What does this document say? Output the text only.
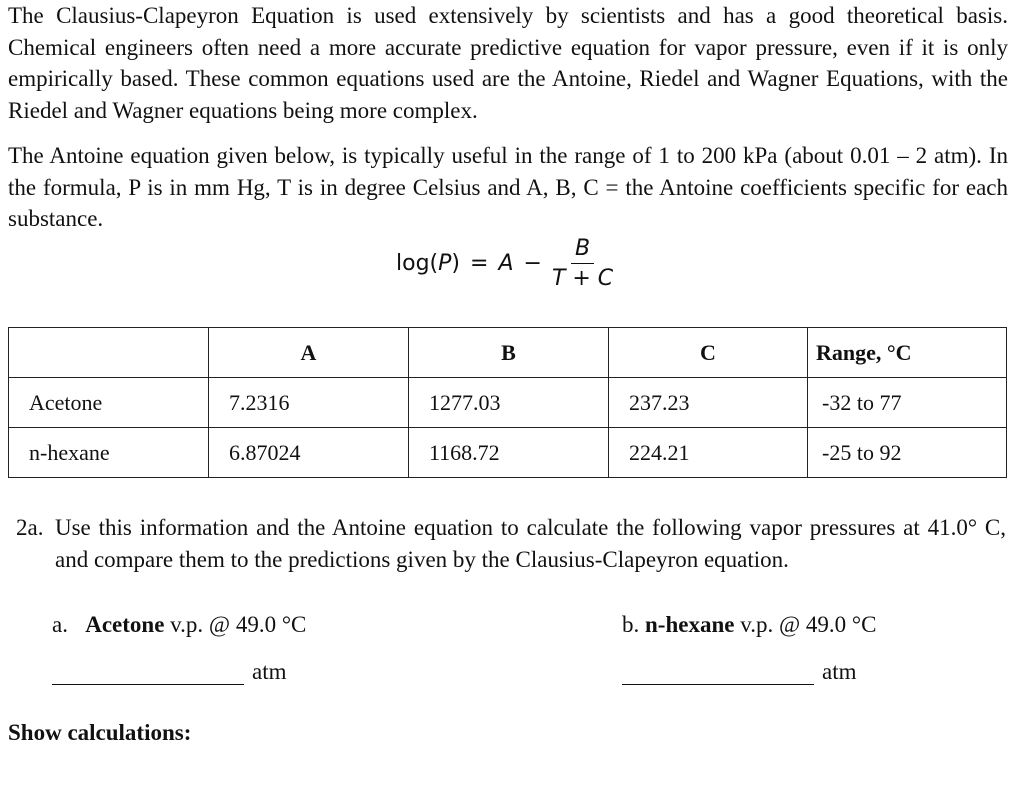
The Clausius-Clapeyron Equation is used extensively by scientists and has a good theoretical basis. Chemical engineers often need a more accurate predictive equation for vapor pressure, even if it is only empirically based. These common equations used are the Antoine, Riedel and Wagner Equations, with the Riedel and Wagner equations being more complex.

The Antoine equation given below, is typically useful in the range of 1 to 200 kPa (about 0.01 – 2 atm). In the formula, P is in mm Hg, T is in degree Celsius and A, B, C = the Antoine coefficients specific for each substance.

log( P ) = $A - \frac{B}{T + C}$
	A	B	C	Range, °C
Acetone	7.2316	1277.03	237.23	-32 to 77
n-hexane	6.87024	1168.72	224.21	-25 to 92
2a. Use this information and the Antoine equation to calculate the following vapor pressures at 41.0° C, and compare them to the predictions given by the Clausius-Clapeyron equation.
a. Acetone v.p. @ 49.0 °C	b. n-hexane v.p. @ 49.0 °C
atm	atm
Show calculations:
